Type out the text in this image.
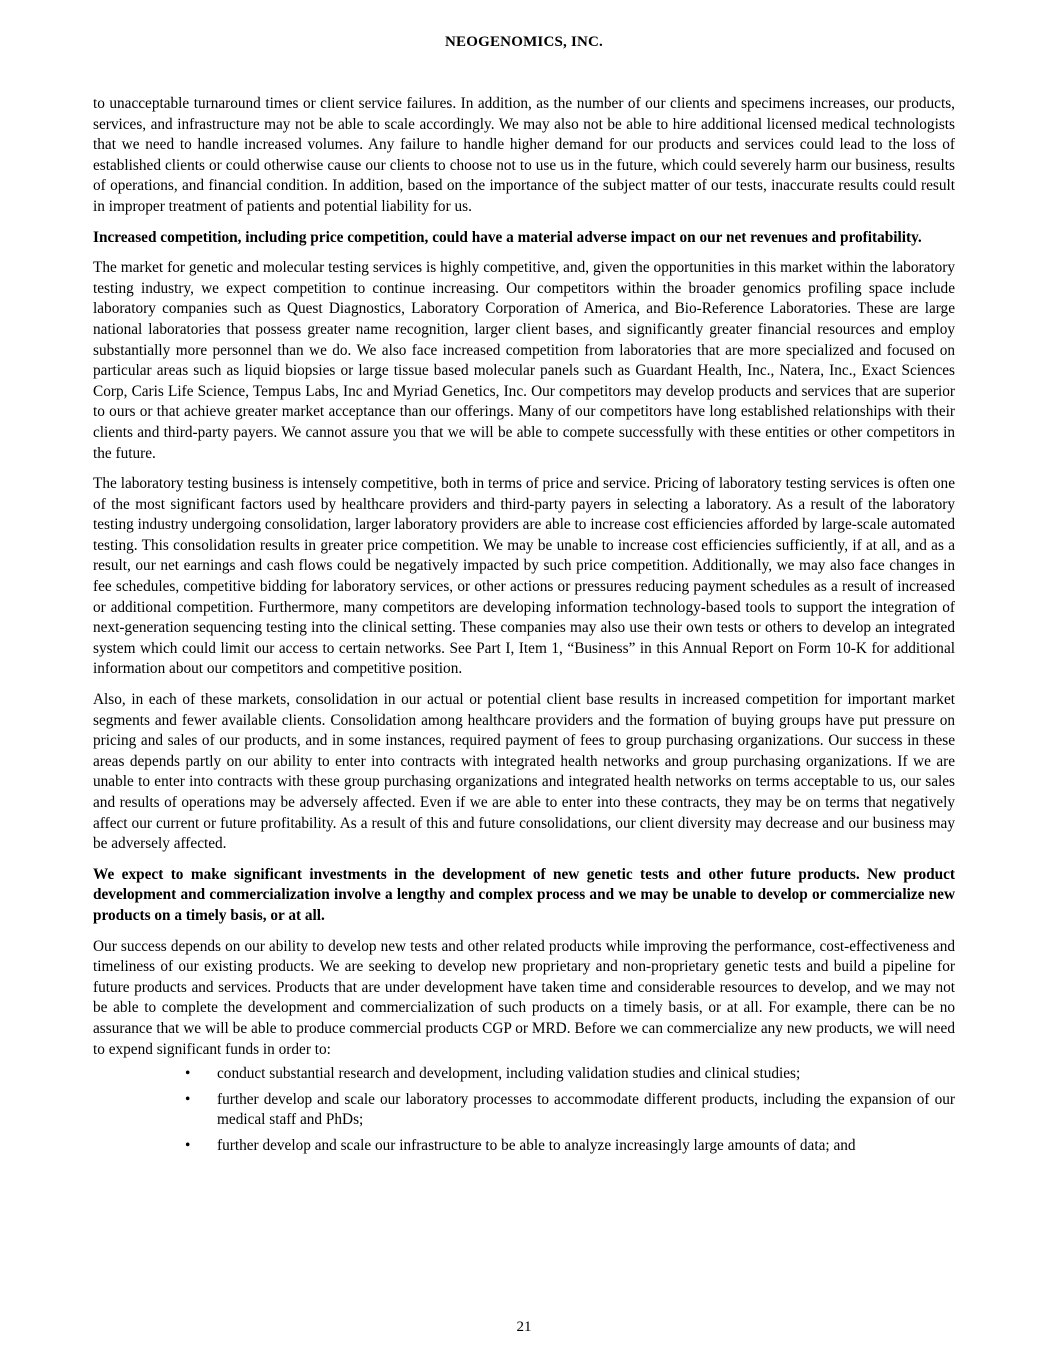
NEOGENOMICS, INC.

to unacceptable turnaround times or client service failures. In addition, as the number of our clients and specimens increases, our products, services, and infrastructure may not be able to scale accordingly. We may also not be able to hire additional licensed medical technologists that we need to handle increased volumes. Any failure to handle higher demand for our products and services could lead to the loss of established clients or could otherwise cause our clients to choose not to use us in the future, which could severely harm our business, results of operations, and financial condition. In addition, based on the importance of the subject matter of our tests, inaccurate results could result in improper treatment of patients and potential liability for us.

Increased competition, including price competition, could have a material adverse impact on our net revenues and profitability.

The market for genetic and molecular testing services is highly competitive, and, given the opportunities in this market within the laboratory testing industry, we expect competition to continue increasing. Our competitors within the broader genomics profiling space include laboratory companies such as Quest Diagnostics, Laboratory Corporation of America, and Bio-Reference Laboratories. These are large national laboratories that possess greater name recognition, larger client bases, and significantly greater financial resources and employ substantially more personnel than we do. We also face increased competition from laboratories that are more specialized and focused on particular areas such as liquid biopsies or large tissue based molecular panels such as Guardant Health, Inc., Natera, Inc., Exact Sciences Corp, Caris Life Science, Tempus Labs, Inc and Myriad Genetics, Inc. Our competitors may develop products and services that are superior to ours or that achieve greater market acceptance than our offerings. Many of our competitors have long established relationships with their clients and third-party payers. We cannot assure you that we will be able to compete successfully with these entities or other competitors in the future.

The laboratory testing business is intensely competitive, both in terms of price and service. Pricing of laboratory testing services is often one of the most significant factors used by healthcare providers and third-party payers in selecting a laboratory. As a result of the laboratory testing industry undergoing consolidation, larger laboratory providers are able to increase cost efficiencies afforded by large-scale automated testing. This consolidation results in greater price competition. We may be unable to increase cost efficiencies sufficiently, if at all, and as a result, our net earnings and cash flows could be negatively impacted by such price competition. Additionally, we may also face changes in fee schedules, competitive bidding for laboratory services, or other actions or pressures reducing payment schedules as a result of increased or additional competition. Furthermore, many competitors are developing information technology-based tools to support the integration of next-generation sequencing testing into the clinical setting. These companies may also use their own tests or others to develop an integrated system which could limit our access to certain networks. See Part I, Item 1, “Business” in this Annual Report on Form 10-K for additional information about our competitors and competitive position.

Also, in each of these markets, consolidation in our actual or potential client base results in increased competition for important market segments and fewer available clients. Consolidation among healthcare providers and the formation of buying groups have put pressure on pricing and sales of our products, and in some instances, required payment of fees to group purchasing organizations. Our success in these areas depends partly on our ability to enter into contracts with integrated health networks and group purchasing organizations. If we are unable to enter into contracts with these group purchasing organizations and integrated health networks on terms acceptable to us, our sales and results of operations may be adversely affected. Even if we are able to enter into these contracts, they may be on terms that negatively affect our current or future profitability. As a result of this and future consolidations, our client diversity may decrease and our business may be adversely affected.

We expect to make significant investments in the development of new genetic tests and other future products. New product development and commercialization involve a lengthy and complex process and we may be unable to develop or commercialize new products on a timely basis, or at all.

Our success depends on our ability to develop new tests and other related products while improving the performance, cost-effectiveness and timeliness of our existing products. We are seeking to develop new proprietary and non-proprietary genetic tests and build a pipeline for future products and services. Products that are under development have taken time and considerable resources to develop, and we may not be able to complete the development and commercialization of such products on a timely basis, or at all. For example, there can be no assurance that we will be able to produce commercial products CGP or MRD. Before we can commercialize any new products, we will need to expend significant funds in order to:

• conduct substantial research and development, including validation studies and clinical studies;
• further develop and scale our laboratory processes to accommodate different products, including the expansion of our medical staff and PhDs;
• further develop and scale our infrastructure to be able to analyze increasingly large amounts of data; and
21
